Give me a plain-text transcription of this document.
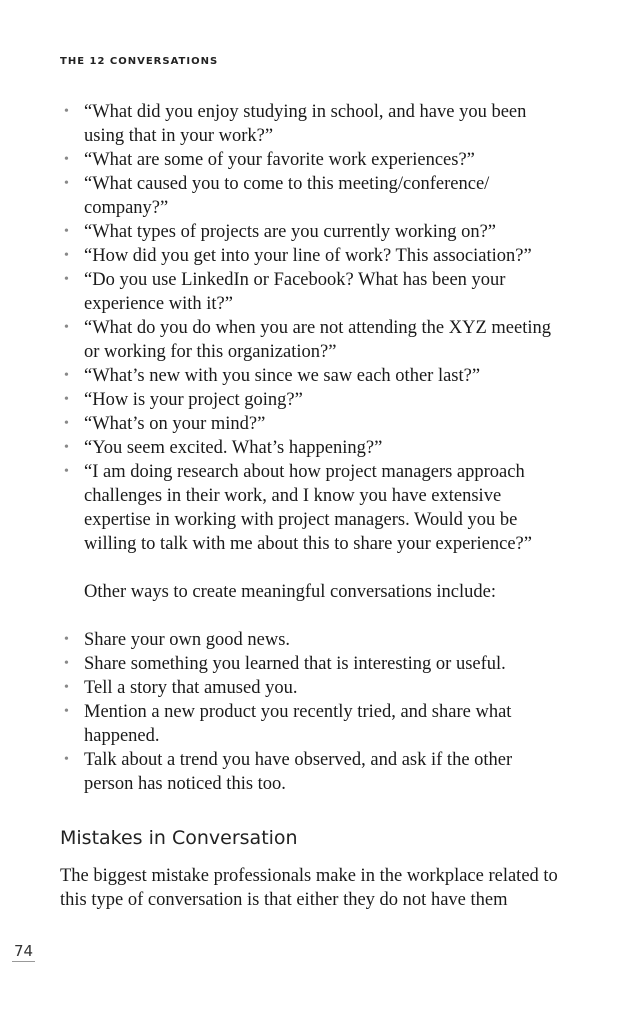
THE 12 CONVERSATIONS
• “What did you enjoy studying in school, and have you been using that in your work?”
• “What are some of your favorite work experiences?”
• “What caused you to come to this meeting/conference/ company?”
• “What types of projects are you currently working on?”
• “How did you get into your line of work? This association?”
• “Do you use LinkedIn or Facebook? What has been your experience with it?”
• “What do you do when you are not attending the XYZ meeting or working for this organization?”
• “What’s new with you since we saw each other last?”
• “How is your project going?”
• “What’s on your mind?”
• “You seem excited. What’s happening?”
• “I am doing research about how project managers approach challenges in their work, and I know you have extensive expertise in working with project managers. Would you be willing to talk with me about this to share your experience?”

Other ways to create meaningful conversations include:

• Share your own good news.
• Share something you learned that is interesting or useful.
• Tell a story that amused you.
• Mention a new product you recently tried, and share what happened.
• Talk about a trend you have observed, and ask if the other person has noticed this too.
Mistakes in Conversation

The biggest mistake professionals make in the workplace related to this type of conversation is that either they do not have them

74
